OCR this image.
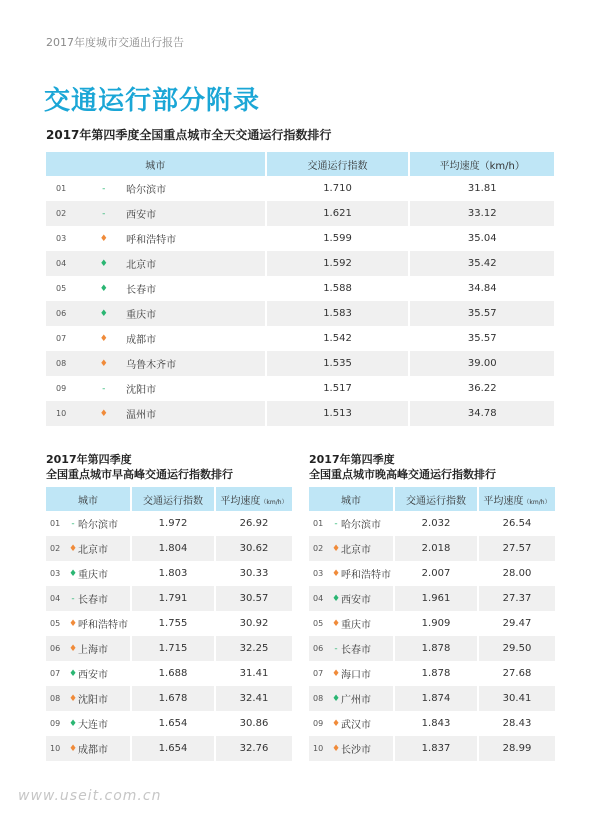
2017年度城市交通出行报告
交通运行部分附录
2017年第四季度全国重点城市全天交通运行指数排行
城市			交通运行指数	平均速度（km/h）
01	-	哈尔滨市	1.710	31.81
02	-	西安市	1.621	33.12
03	♦	呼和浩特市	1.599	35.04
04	♦	北京市	1.592	35.42
05	♦	长春市	1.588	34.84
06	♦	重庆市	1.583	35.57
07	♦	成都市	1.542	35.57
08	♦	乌鲁木齐市	1.535	39.00
09	-	沈阳市	1.517	36.22
10	♦	温州市	1.513	34.78
2017年第四季度
全国重点城市早高峰交通运行指数排行
城市			交通运行指数	平均速度（km/h）
01	-	哈尔滨市	1.972	26.92
02	♦	北京市	1.804	30.62
03	♦	重庆市	1.803	30.33
04	-	长春市	1.791	30.57
05	♦	呼和浩特市	1.755	30.92
06	♦	上海市	1.715	32.25
07	♦	西安市	1.688	31.41
08	♦	沈阳市	1.678	32.41
09	♦	大连市	1.654	30.86
10	♦	成都市	1.654	32.76
2017年第四季度
全国重点城市晚高峰交通运行指数排行
城市			交通运行指数	平均速度（km/h）
01	-	哈尔滨市	2.032	26.54
02	♦	北京市	2.018	27.57
03	♦	呼和浩特市	2.007	28.00
04	♦	西安市	1.961	27.37
05	♦	重庆市	1.909	29.47
06	-	长春市	1.878	29.50
07	♦	海口市	1.878	27.68
08	♦	广州市	1.874	30.41
09	♦	武汉市	1.843	28.43
10	♦	长沙市	1.837	28.99
www.useit.com.cn
